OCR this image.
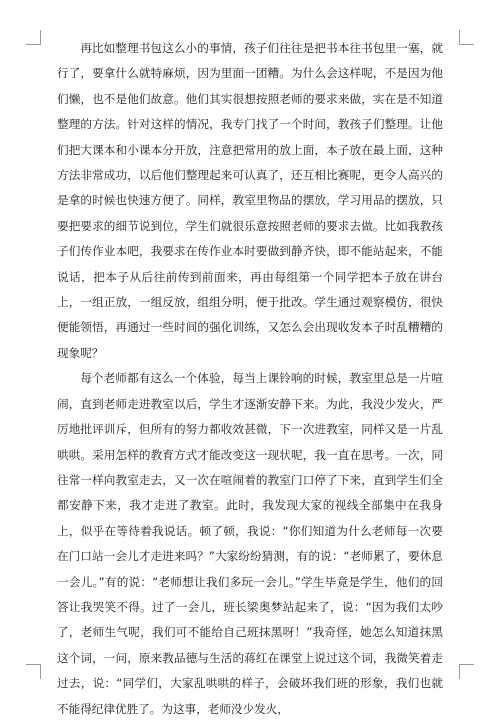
再比如整理书包这么小的事情，孩子们往往是把书本往书包里一塞，就行了，要拿什么就特麻烦，因为里面一团糟。为什么会这样呢，不是因为他们懒，也不是他们故意。他们其实很想按照老师的要求来做，实在是不知道整理的方法。针对这样的情况，我专门找了一个时间，教孩子们整理。让他们把大课本和小课本分开放，注意把常用的放上面，本子放在最上面，这种方法非常成功，以后他们整理起来可认真了，还互相比赛呢，更令人高兴的是拿的时候也快速方便了。同样，教室里物品的摆放，学习用品的摆放，只要把要求的细节说到位，学生们就很乐意按照老师的要求去做。比如我教孩子们传作业本吧，我要求在传作业本时要做到静齐快，即不能站起来，不能说话，把本子从后往前传到前面来，再由每组第一个同学把本子放在讲台上，一组正放，一组反放，组组分明，便于批改。学生通过观察模仿，很快便能领悟，再通过一些时间的强化训练，又怎么会出现收发本子时乱糟糟的现象呢？

每个老师都有这么一个体验，每当上课铃响的时候，教室里总是一片喧闹，直到老师走进教室以后，学生才逐渐安静下来。为此，我没少发火，严厉地批评训斥，但所有的努力都收效甚微，下一次进教室，同样又是一片乱哄哄。采用怎样的教育方式才能改变这一现状呢，我一直在思考。一次，同往常一样向教室走去，又一次在喧闹着的教室门口停了下来，直到学生们全都安静下来，我才走进了教室。此时，我发现大家的视线全部集中在我身上，似乎在等待着我说话。顿了顿，我说：“你们知道为什么老师每一次要在门口站一会儿才走进来吗？”大家纷纷猜测，有的说：“老师累了，要休息一会儿。”有的说：“老师想让我们多玩一会儿。”学生毕竟是学生，他们的回答让我哭笑不得。过了一会儿，班长梁奥梦站起来了，说：“因为我们太吵了，老师生气呢，我们可不能给自己班抹黑呀！”我奇怪，她怎么知道抹黑这个词，一问，原来教品德与生活的蒋红在课堂上说过这个词，我微笑着走过去，说：“同学们，大家乱哄哄的样子，会破坏我们班的形象，我们也就不能得纪律优胜了。为这事，老师没少发火，
